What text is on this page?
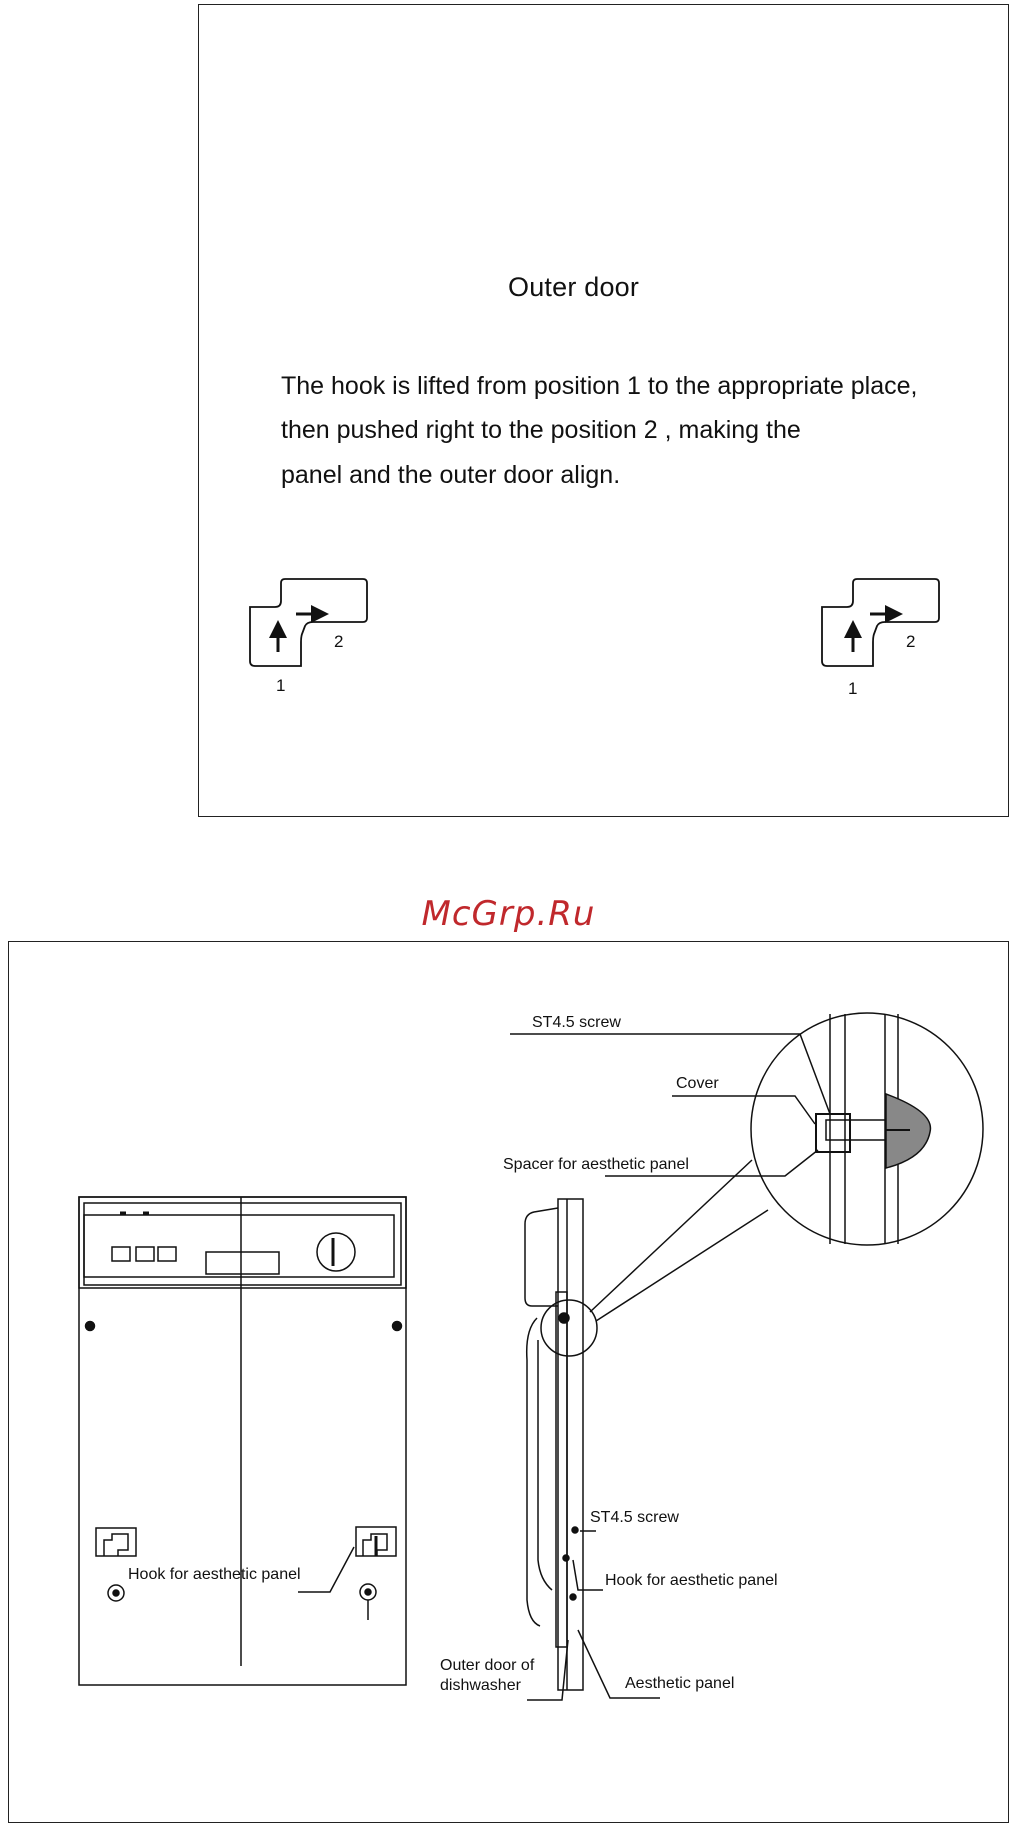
Outer door
The hook is lifted from position 1 to the appropriate place,
then pushed right to the position 2 , making the
panel and the outer door align.
2
1
2
1
McGrp.Ru
ST4.5 screw
Cover
Spacer for aesthetic panel
Hook for aesthetic panel
ST4.5 screw
Hook for aesthetic panel
Outer door of
dishwasher	Aesthetic panel
